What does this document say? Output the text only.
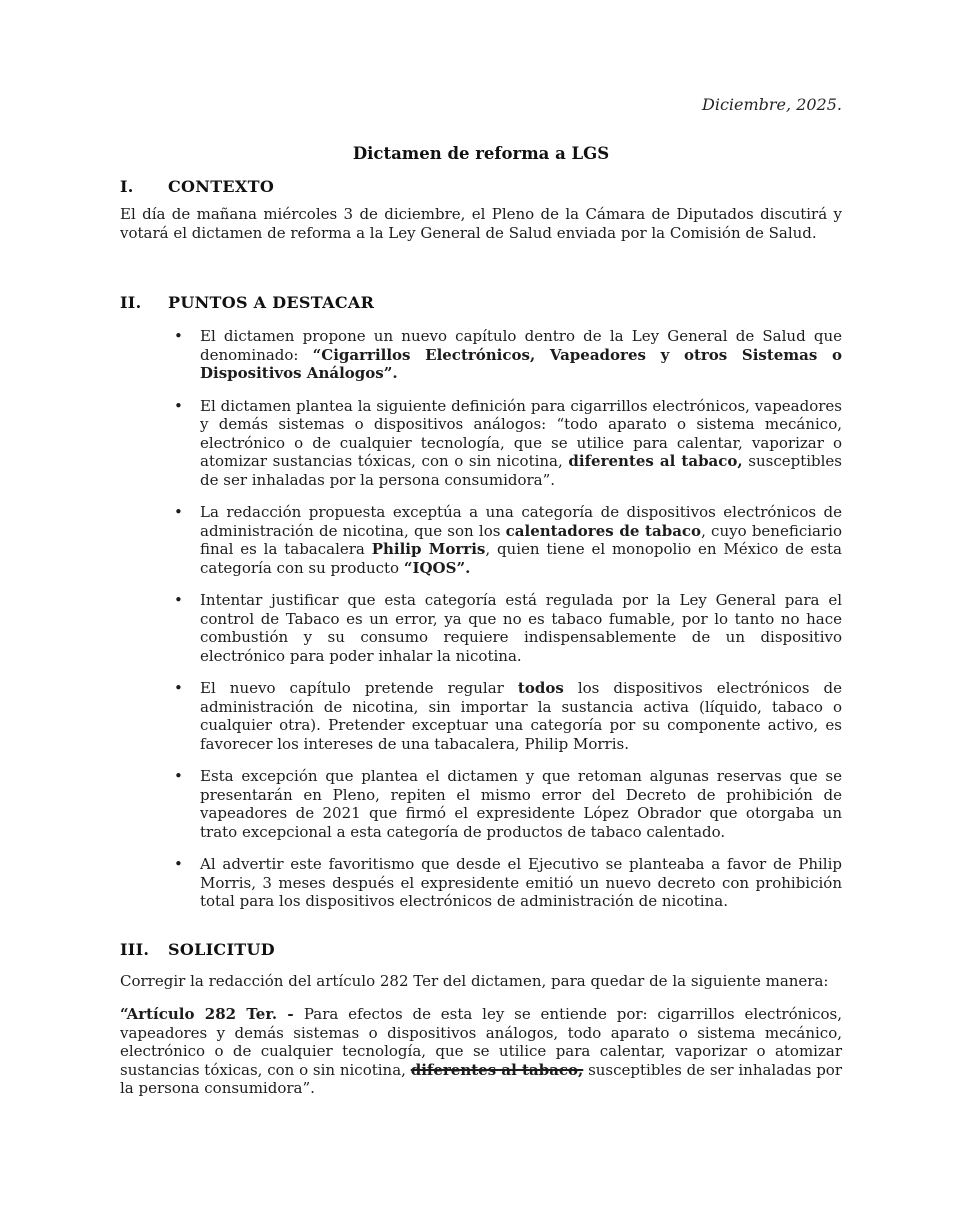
Diciembre, 2025.
Dictamen de reforma a LGS
I. CONTEXTO

El día de mañana miércoles 3 de diciembre, el Pleno de la Cámara de Diputados discutirá y votará el dictamen de reforma a la Ley General de Salud enviada por la Comisión de Salud.

II. PUNTOS A DESTACAR
• El dictamen propone un nuevo capítulo dentro de la Ley General de Salud que denominado: “Cigarrillos Electrónicos, Vapeadores y otros Sistemas o Dispositivos Análogos”.
• El dictamen plantea la siguiente definición para cigarrillos electrónicos, vapeadores y demás sistemas o dispositivos análogos: “todo aparato o sistema mecánico, electrónico o de cualquier tecnología, que se utilice para calentar, vaporizar o atomizar sustancias tóxicas, con o sin nicotina, diferentes al tabaco, susceptibles de ser inhaladas por la persona consumidora”.
• La redacción propuesta exceptúa a una categoría de dispositivos electrónicos de administración de nicotina, que son los calentadores de tabaco, cuyo beneficiario final es la tabacalera Philip Morris, quien tiene el monopolio en México de esta categoría con su producto “IQOS”.
• Intentar justificar que esta categoría está regulada por la Ley General para el control de Tabaco es un error, ya que no es tabaco fumable, por lo tanto no hace combustión y su consumo requiere indispensablemente de un dispositivo electrónico para poder inhalar la nicotina.
• El nuevo capítulo pretende regular todos los dispositivos electrónicos de administración de nicotina, sin importar la sustancia activa (líquido, tabaco o cualquier otra). Pretender exceptuar una categoría por su componente activo, es favorecer los intereses de una tabacalera, Philip Morris.
• Esta excepción que plantea el dictamen y que retoman algunas reservas que se presentarán en Pleno, repiten el mismo error del Decreto de prohibición de vapeadores de 2021 que firmó el expresidente López Obrador que otorgaba un trato excepcional a esta categoría de productos de tabaco calentado.
• Al advertir este favoritismo que desde el Ejecutivo se planteaba a favor de Philip Morris, 3 meses después el expresidente emitió un nuevo decreto con prohibición total para los dispositivos electrónicos de administración de nicotina.
III. SOLICITUD

Corregir la redacción del artículo 282 Ter del dictamen, para quedar de la siguiente manera:

“Artículo 282 Ter. - Para efectos de esta ley se entiende por: cigarrillos electrónicos, vapeadores y demás sistemas o dispositivos análogos, todo aparato o sistema mecánico, electrónico o de cualquier tecnología, que se utilice para calentar, vaporizar o atomizar sustancias tóxicas, con o sin nicotina, diferentes al tabaco, susceptibles de ser inhaladas por la persona consumidora”.
